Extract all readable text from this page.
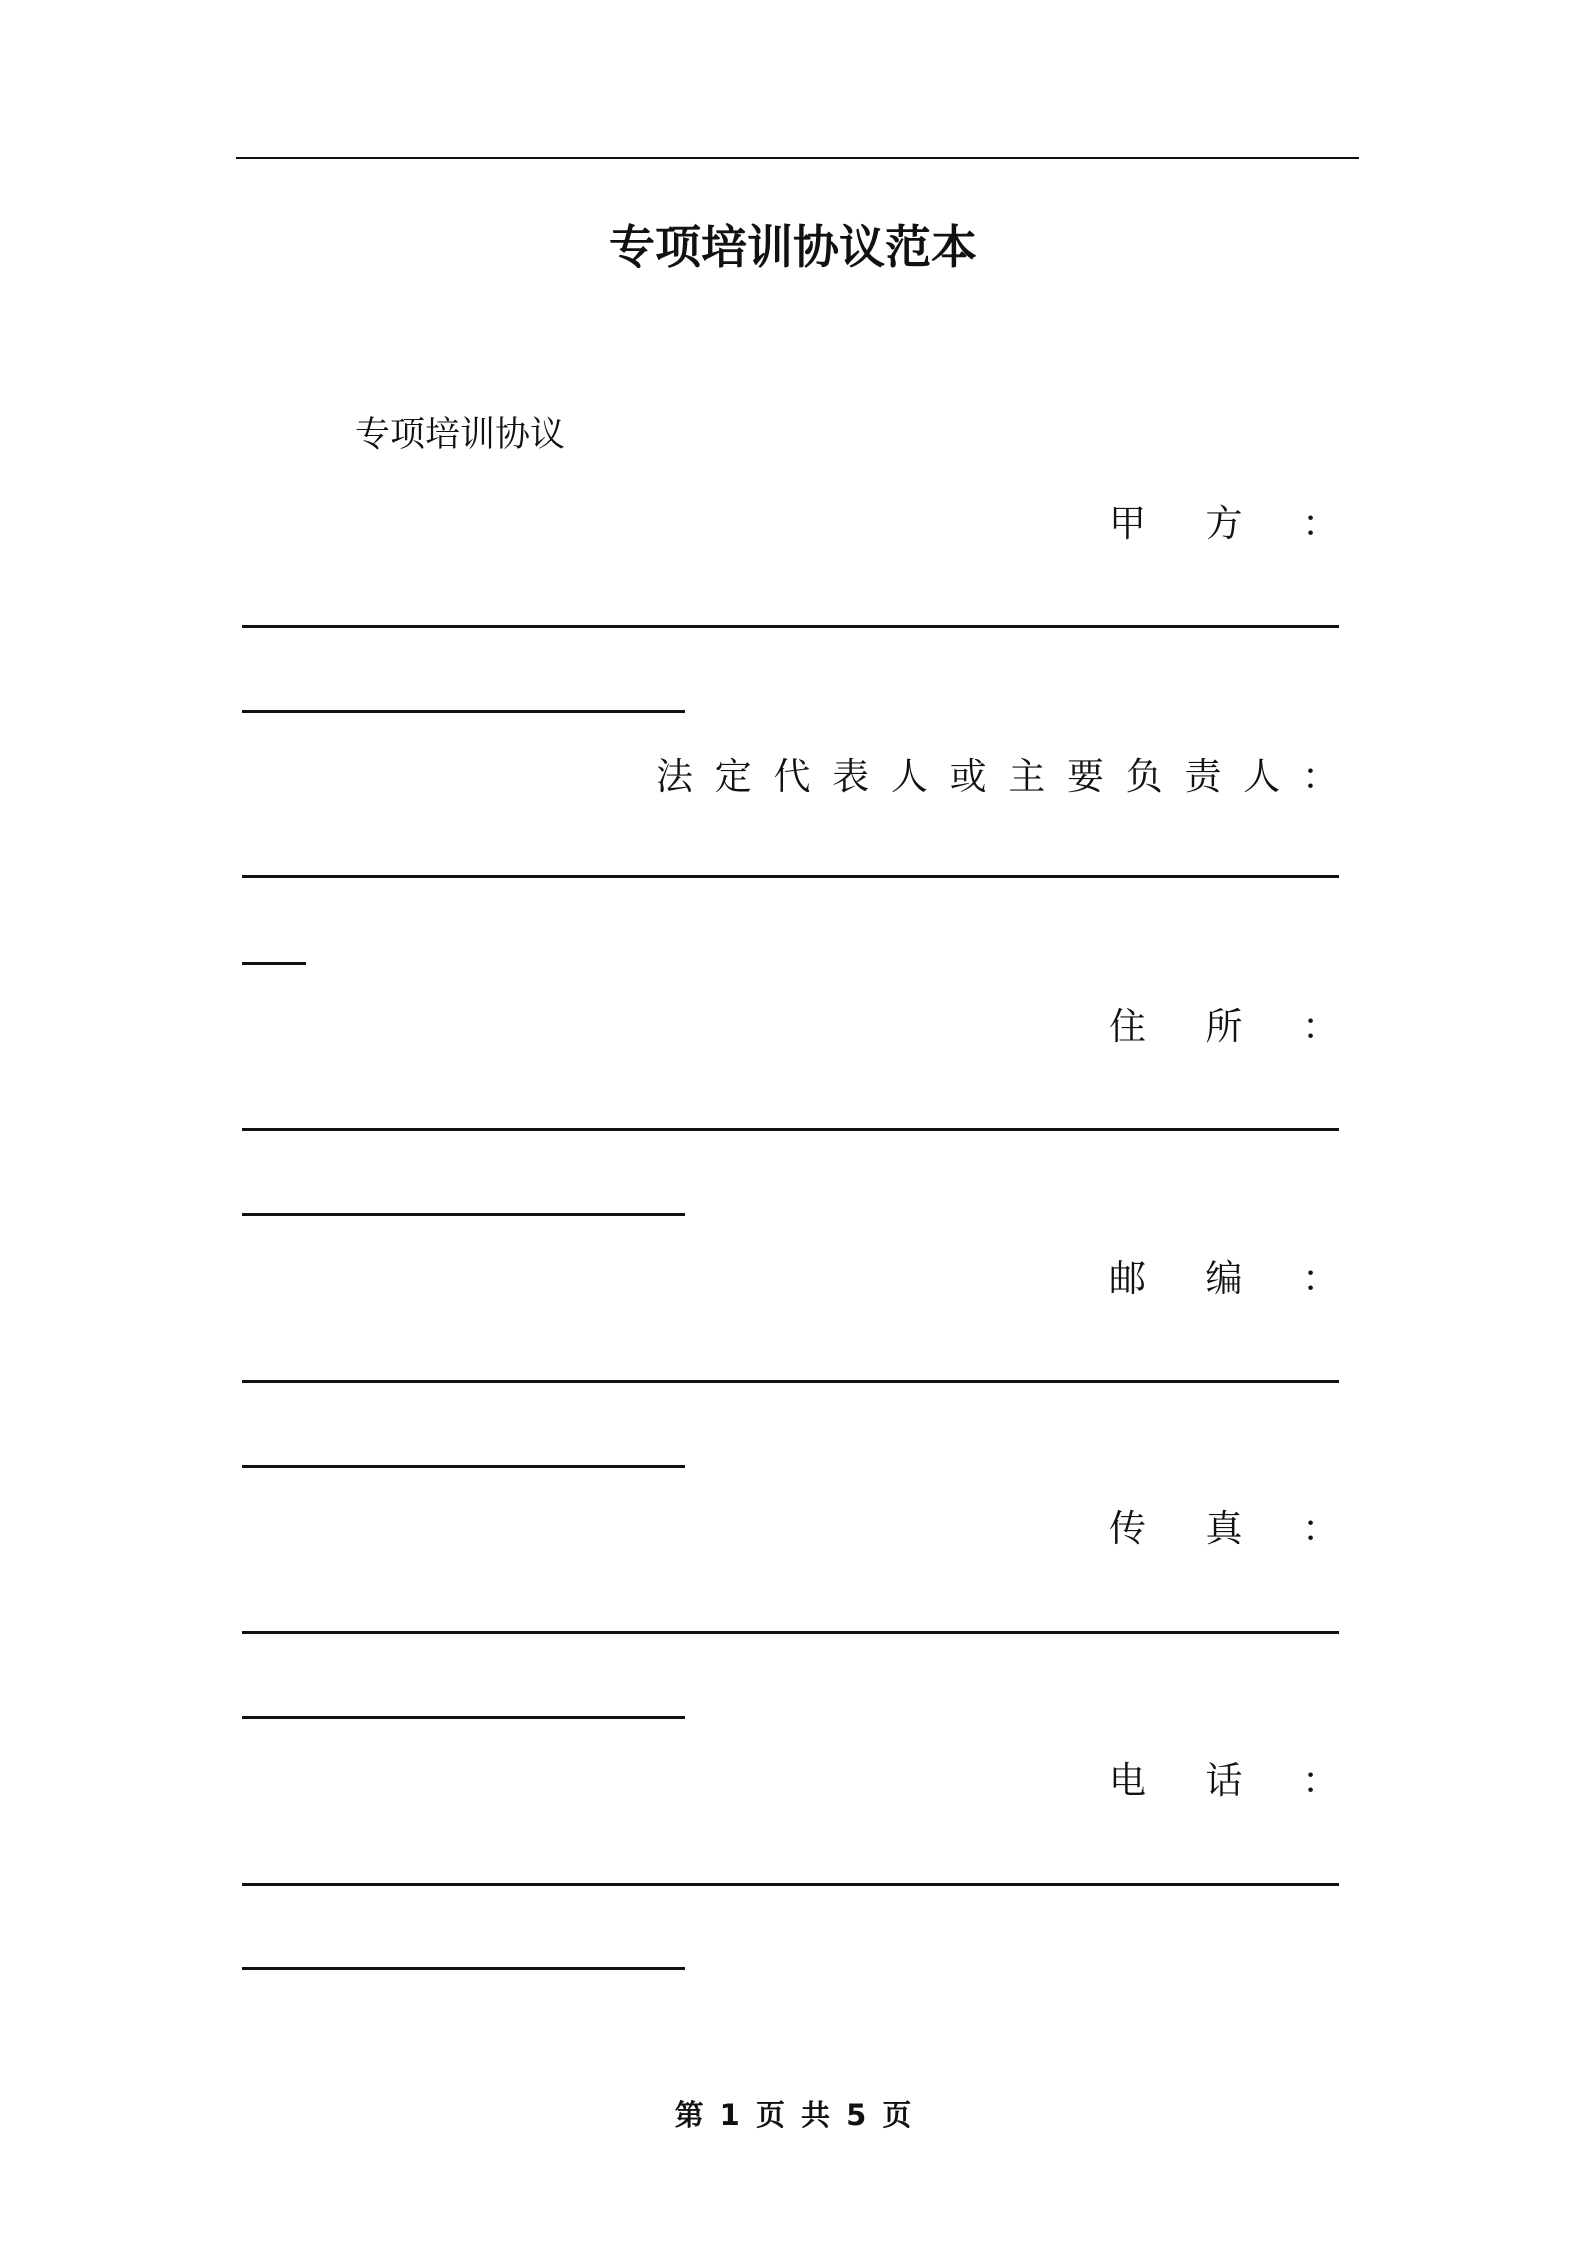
专项培训协议范本
专项培训协议
甲 方 ：
法 定 代 表 人 或 主 要 负 责 人 ：
住 所 ：
邮 编 ：
传 真 ：
电 话 ：
第 1 页 共 5 页
